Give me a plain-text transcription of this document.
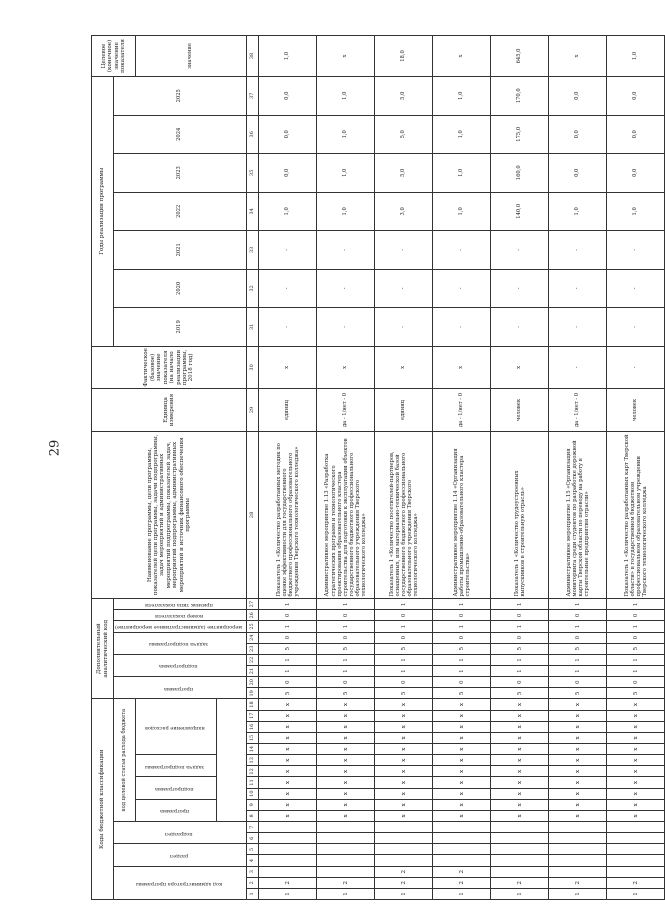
29
Коды бюджетной классификации																		Дополнительный аналитический код									Наименование программы, цели программы, показателей цели программы, задачи подпрограммы, задач мероприятий и административных мероприятий подпрограммы, показателей задач, мероприятий подпрограммы, административных мероприятий и источник финансового обеспечения программы	Единица измерения	Фактическое (базовое) значение показателя (на начало реализации программы, 2018 год)	Годы реализации программы							Целевое (конечное) значение показателя
код администратора программы			раздел		подраздел		код целевой статьи расхода бюджета											программа		подпрограмма		задача подпрограммы		мероприятие (административное мероприятие)	номер показателя	признак типа показателя				2019	2020	2021	2022	2023	2024	2025	
							программа		подпрограмма		задача подпрограммы		направление расходов																								значение

1	2	3	4	5	6	7	8	9	10	11	12	13	14	15	16	17	18	19	20	21	22	23	24	25	26	27	28	29	30	31	32	33	34	35	36	37	38
1	2						х	х	х	х	х	х	х	х	х	х	х	5	0	1	1	5	0	1	0	1	Показатель 1 «Количество разработанных методик по оценке эффективности для государственного бюджетного профессионального образовательного учреждения Тверского технологического колледжа»	единиц	х	-	-	-	1,0	0,0	0,0	0,0	1,0
1	2						х	х	х	х	х	х	х	х	х	х	х	5	0	1	1	5	0	1	0	1	Административное мероприятие 1.13 «Разработка стратегических программ и технологического проектирования образовательного кластера строительства для подготовки к эксплуатации объектов государственного бюджетного профессионального образовательного учреждения Тверского технологического колледжа»	да - 1/нет - 0	х	-	-	-	1,0	1,0	1,0	1,0	х
1	2	2					х	х	х	х	х	х	х	х	х	х	х	5	0	1	1	5	0	1	0	1	Показатель 1 «Количество посетителей-партнеров, оснащенных, или материально-технической базой государственного бюджетного профессионального образовательного учреждения Тверского технологического колледжа»	единиц	х	-	-	-	3,0	5,0	5,0	5,0	18,0
1	2	2					х	х	х	х	х	х	х	х	х	х	х	5	0	1	1	5	0	1	0	1	Административное мероприятие 1.14 «Организация работы промышленно-образовательного кластера строительства»	да - 1/нет - 0	х	-	-	-	1,0	1,0	1,0	1,0	х
1	2						х	х	х	х	х	х	х	х	х	х	х	5	0	1	1	5	0	1	0	1	Показатель 1 «Количество трудоустроенных выпускников в строительную отрасль»	человек	х	-	-	-	140,0	160,0	175,0	170,0	645,0
1	2						х	х	х	х	х	х	х	х	х	х	х	5	0	1	1	5	0	1	0	1	Административное мероприятие 1.15 «Организация мониторинга среди студентов по разработке дорожной карты Тверской области по переводу на работу в строительные предприятия отрасли»	да - 1/нет - 0	-	-	-	-	1,0	0,0	0,0	0,0	х
1	2						х	х	х	х	х	х	х	х	х	х	х	5	0	1	1	5	0	1	0	1	Показатель 1 «Количество разработанных карт Тверской области» в государственном бюджетном профессиональном образовательном учреждении Тверского технологического колледжа	человек	-	-	-	-	1,0	0,0	0,0	0,0	1,0
